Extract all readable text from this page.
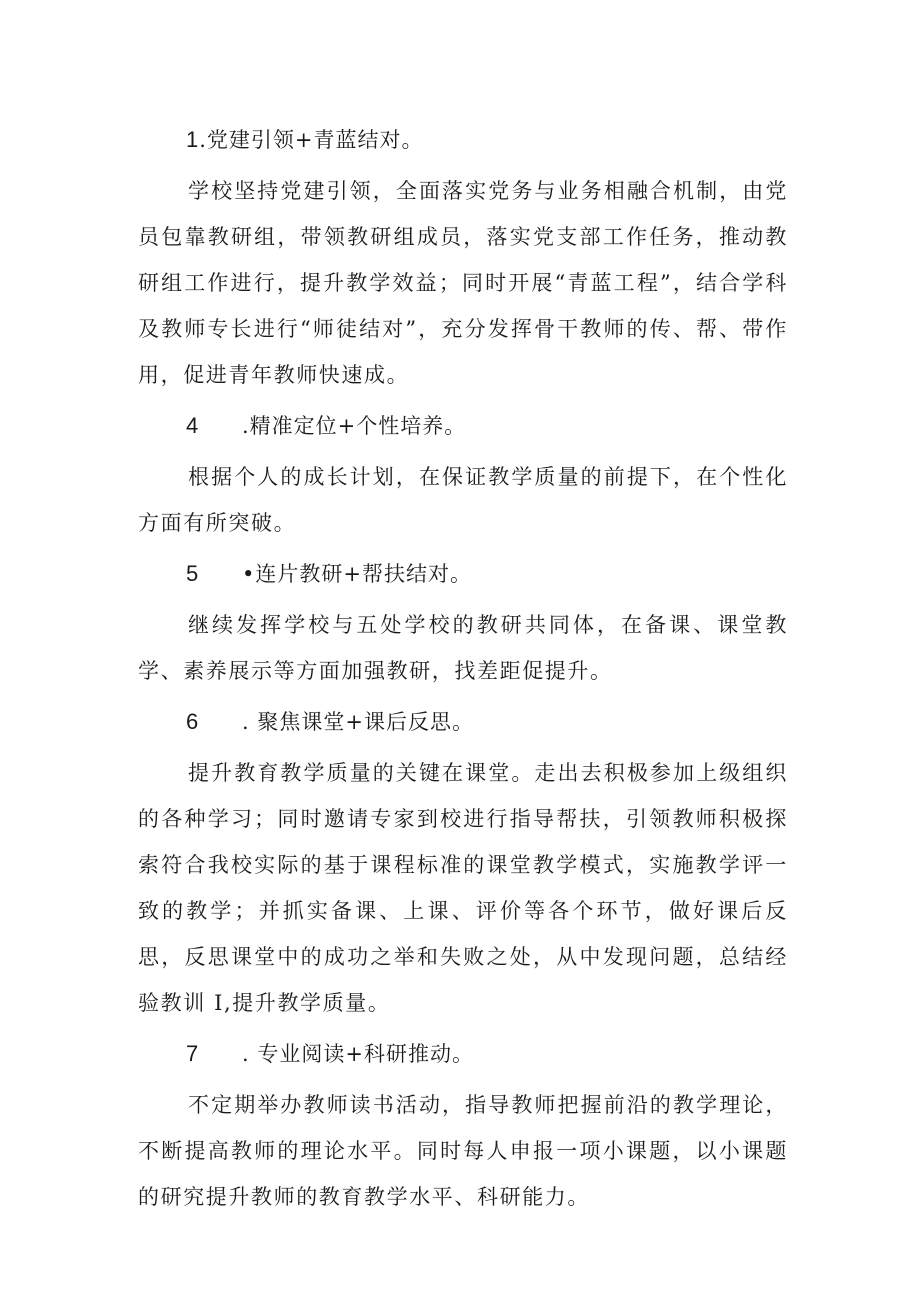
1.党建引领+青蓝结对。

学校坚持党建引领，全面落实党务与业务相融合机制，由党员包靠教研组，带领教研组成员，落实党支部工作任务，推动教研组工作进行，提升教学效益；同时开展“青蓝工程”，结合学科及教师专长进行“师徒结对”，充分发挥骨干教师的传、帮、带作用，促进青年教师快速成。

4 .精准定位+个性培养。

根据个人的成长计划，在保证教学质量的前提下，在个性化方面有所突破。

5 •连片教研+帮扶结对。

继续发挥学校与五处学校的教研共同体，在备课、课堂教学、素养展示等方面加强教研，找差距促提升。

6 . 聚焦课堂+课后反思。

提升教育教学质量的关键在课堂。走出去积极参加上级组织的各种学习；同时邀请专家到校进行指导帮扶，引领教师积极探索符合我校实际的基于课程标准的课堂教学模式，实施教学评一致的教学；并抓实备课、上课、评价等各个环节，做好课后反思，反思课堂中的成功之举和失败之处，从中发现问题，总结经验教训 I,提升教学质量。

7 . 专业阅读+科研推动。

不定期举办教师读书活动，指导教师把握前沿的教学理论，不断提高教师的理论水平。同时每人申报一项小课题，以小课题的研究提升教师的教育教学水平、科研能力。
